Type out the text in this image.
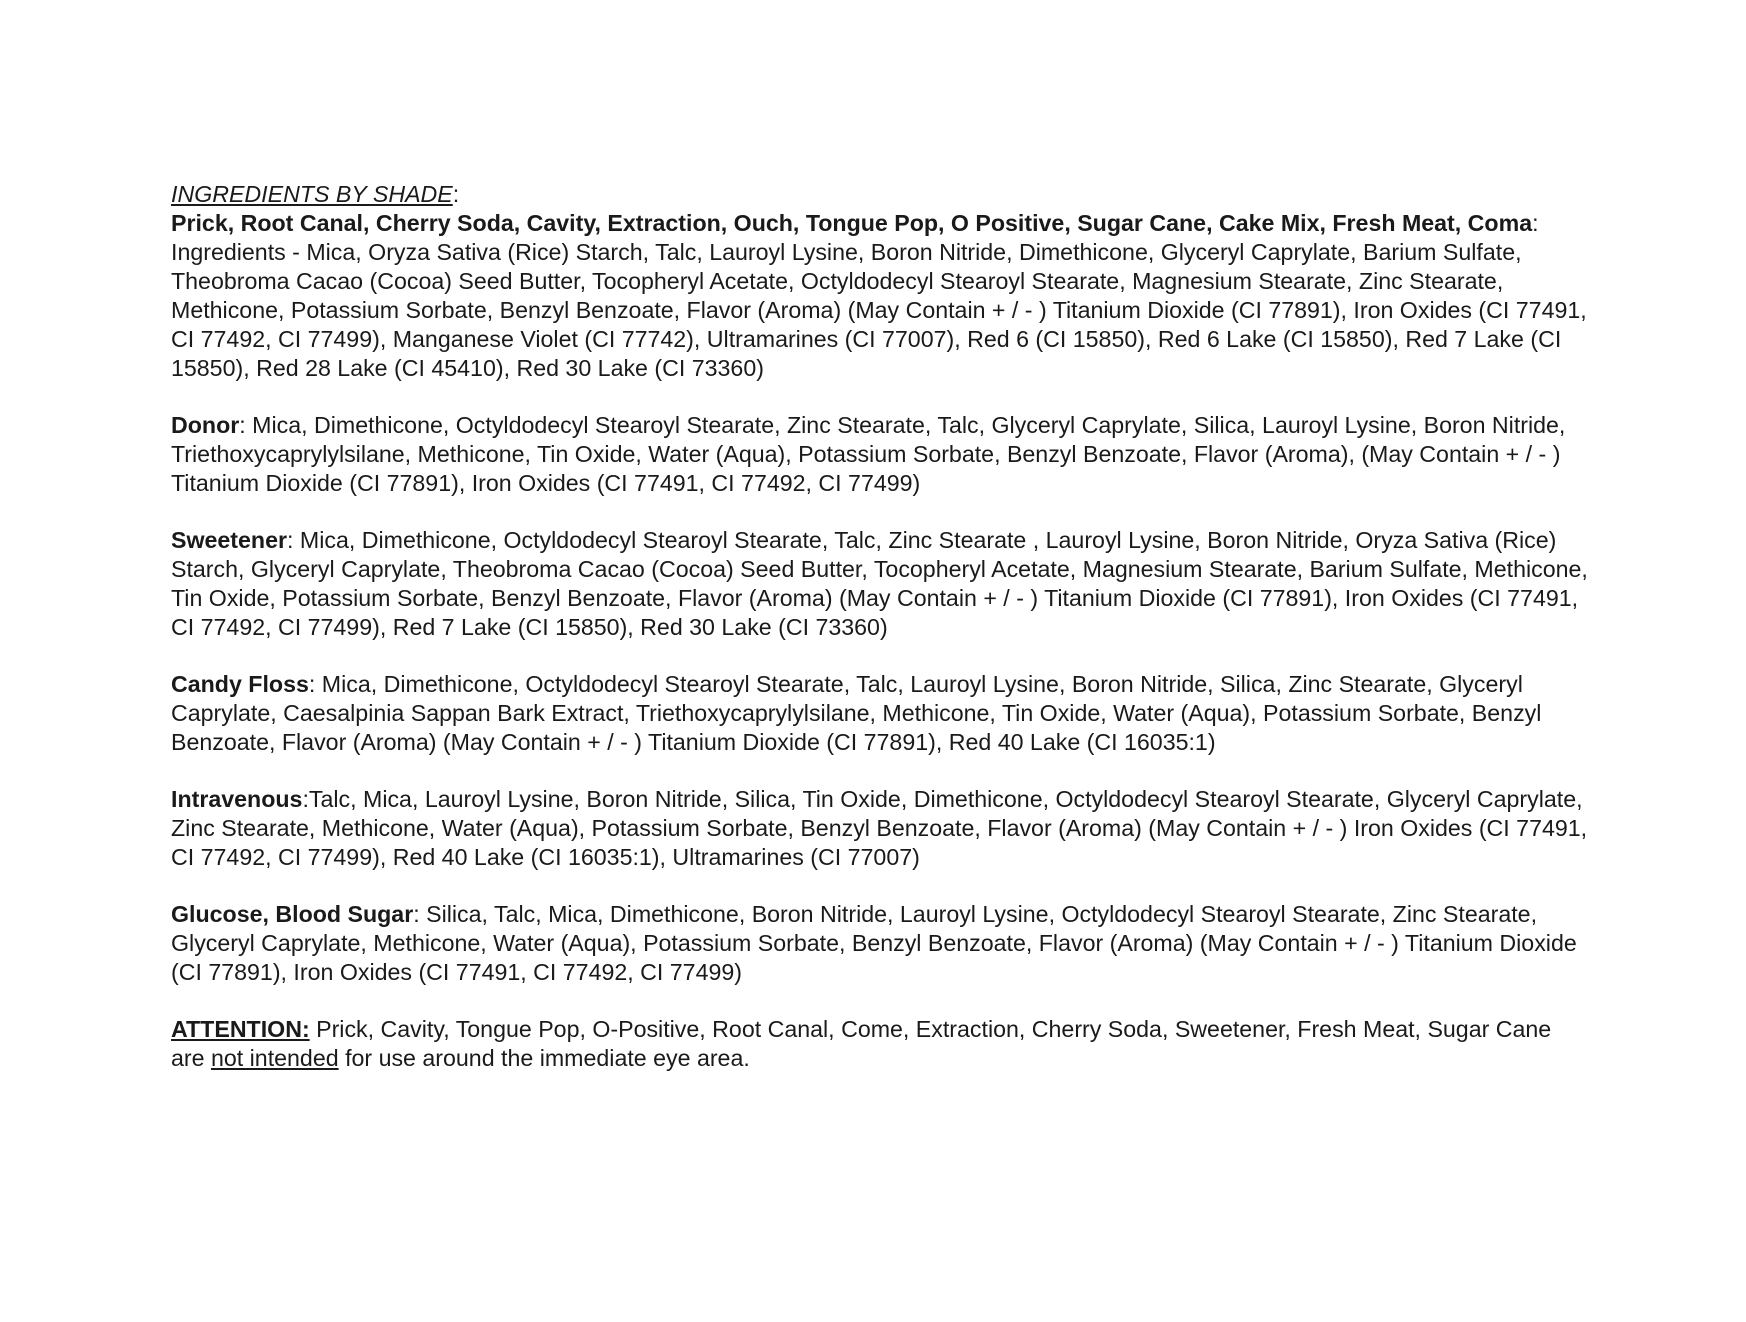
INGREDIENTS BY SHADE:

Prick, Root Canal, Cherry Soda, Cavity, Extraction, Ouch, Tongue Pop, O Positive, Sugar Cane, Cake Mix, Fresh Meat, Coma: Ingredients - Mica, Oryza Sativa (Rice) Starch, Talc, Lauroyl Lysine, Boron Nitride, Dimethicone, Glyceryl Caprylate, Barium Sulfate, Theobroma Cacao (Cocoa) Seed Butter, Tocopheryl Acetate, Octyldodecyl Stearoyl Stearate, Magnesium Stearate, Zinc Stearate, Methicone, Potassium Sorbate, Benzyl Benzoate, Flavor (Aroma) (May Contain + / - ) Titanium Dioxide (CI 77891), Iron Oxides (CI 77491, CI 77492, CI 77499), Manganese Violet (CI 77742), Ultramarines (CI 77007), Red 6 (CI 15850), Red 6 Lake (CI 15850), Red 7 Lake (CI 15850), Red 28 Lake (CI 45410), Red 30 Lake (CI 73360)

Donor: Mica, Dimethicone, Octyldodecyl Stearoyl Stearate, Zinc Stearate, Talc, Glyceryl Caprylate, Silica, Lauroyl Lysine, Boron Nitride, Triethoxycaprylylsilane, Methicone, Tin Oxide, Water (Aqua), Potassium Sorbate, Benzyl Benzoate, Flavor (Aroma), (May Contain + / - ) Titanium Dioxide (CI 77891), Iron Oxides (CI 77491, CI 77492, CI 77499)

Sweetener: Mica, Dimethicone, Octyldodecyl Stearoyl Stearate, Talc, Zinc Stearate , Lauroyl Lysine, Boron Nitride, Oryza Sativa (Rice) Starch, Glyceryl Caprylate, Theobroma Cacao (Cocoa) Seed Butter, Tocopheryl Acetate, Magnesium Stearate, Barium Sulfate, Methicone, Tin Oxide, Potassium Sorbate, Benzyl Benzoate, Flavor (Aroma) (May Contain + / - ) Titanium Dioxide (CI 77891), Iron Oxides (CI 77491, CI 77492, CI 77499), Red 7 Lake (CI 15850), Red 30 Lake (CI 73360)

Candy Floss: Mica, Dimethicone, Octyldodecyl Stearoyl Stearate, Talc, Lauroyl Lysine, Boron Nitride, Silica, Zinc Stearate, Glyceryl Caprylate, Caesalpinia Sappan Bark Extract, Triethoxycaprylylsilane, Methicone, Tin Oxide, Water (Aqua), Potassium Sorbate, Benzyl Benzoate, Flavor (Aroma) (May Contain + / - ) Titanium Dioxide (CI 77891), Red 40 Lake (CI 16035:1)

Intravenous:Talc, Mica, Lauroyl Lysine, Boron Nitride, Silica, Tin Oxide, Dimethicone, Octyldodecyl Stearoyl Stearate, Glyceryl Caprylate, Zinc Stearate, Methicone, Water (Aqua), Potassium Sorbate, Benzyl Benzoate, Flavor (Aroma) (May Contain + / - ) Iron Oxides (CI 77491, CI 77492, CI 77499), Red 40 Lake (CI 16035:1), Ultramarines (CI 77007)

Glucose, Blood Sugar: Silica, Talc, Mica, Dimethicone, Boron Nitride, Lauroyl Lysine, Octyldodecyl Stearoyl Stearate, Zinc Stearate, Glyceryl Caprylate, Methicone, Water (Aqua), Potassium Sorbate, Benzyl Benzoate, Flavor (Aroma) (May Contain + / - ) Titanium Dioxide (CI 77891), Iron Oxides (CI 77491, CI 77492, CI 77499)

ATTENTION: Prick, Cavity, Tongue Pop, O-Positive, Root Canal, Come, Extraction, Cherry Soda, Sweetener, Fresh Meat, Sugar Cane are not intended for use around the immediate eye area.
